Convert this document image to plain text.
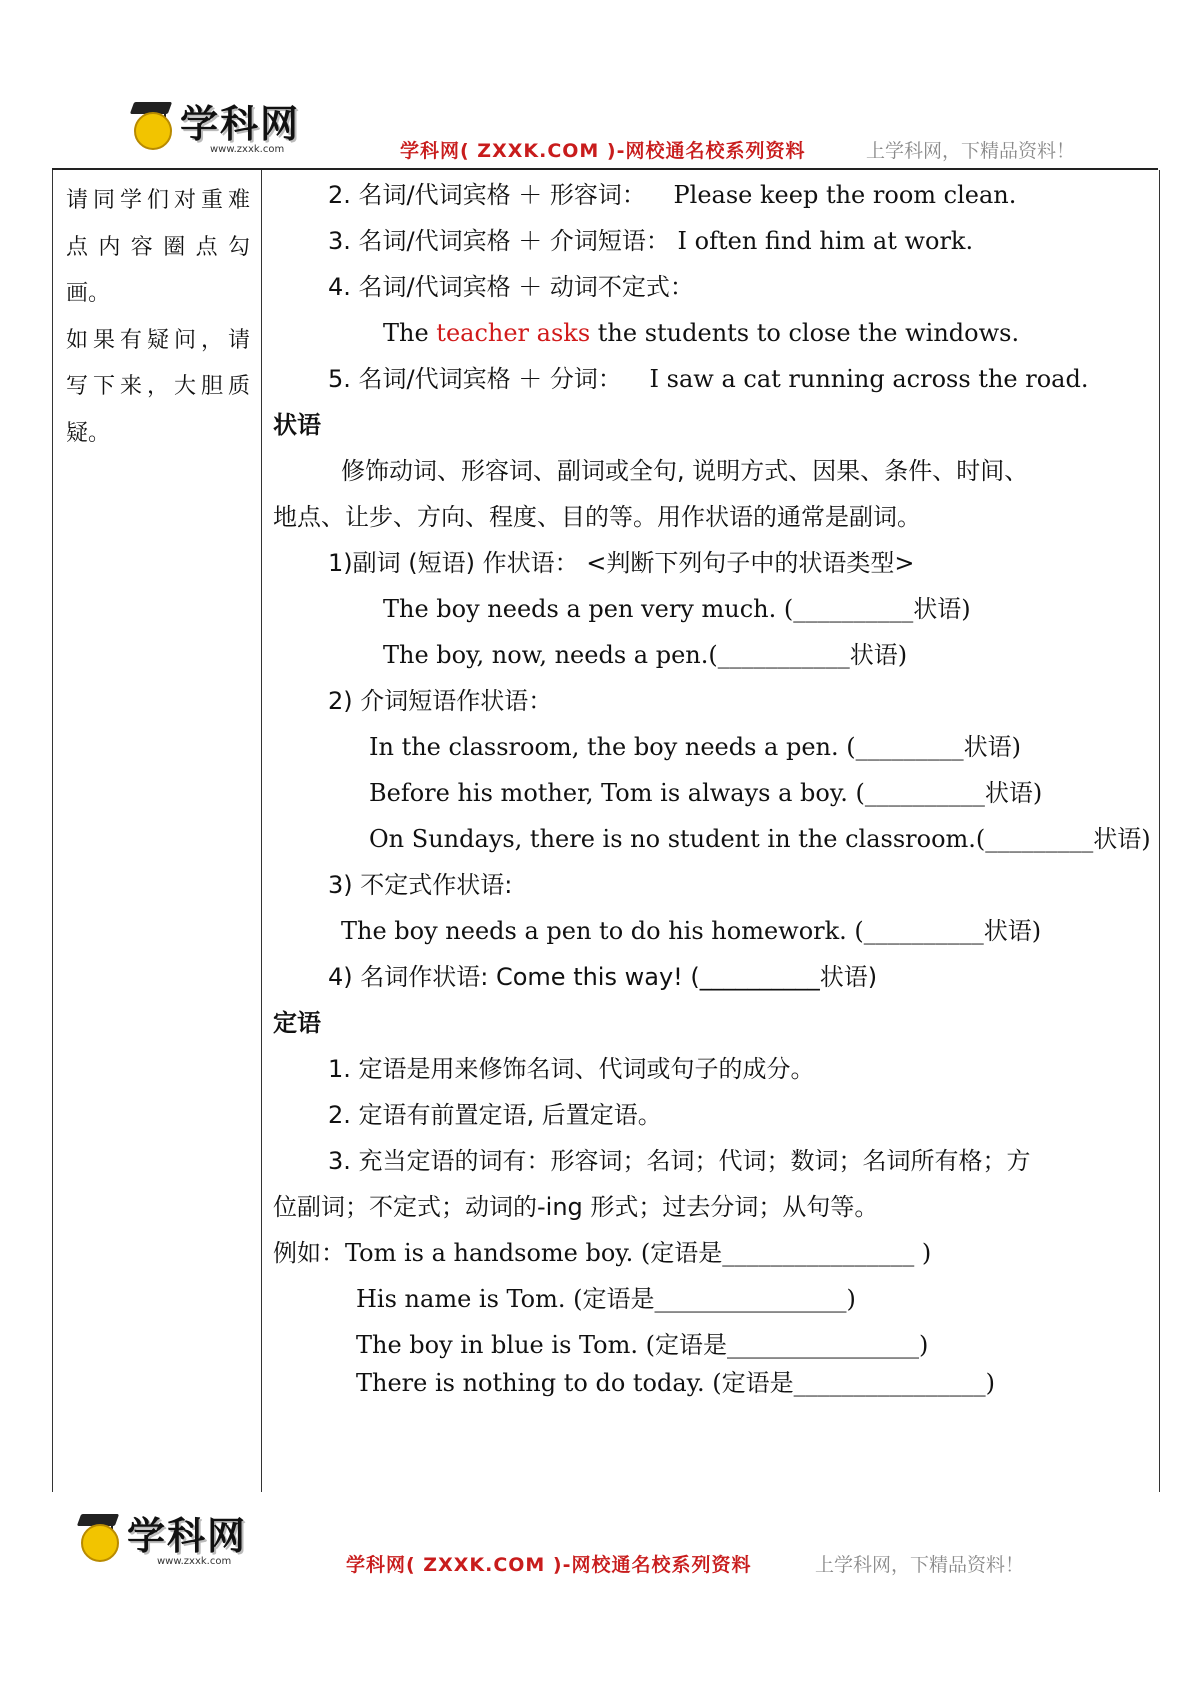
学科网
www.zxxk.com	学科网( ZXXK.COM )-网校通名校系列资料	上学科网，下精品资料！

请同学们对重难

点内容圈点勾

画。

如果有疑问，请

写下来，大胆质

疑。

2. 名词/代词宾格 ＋ 形容词： Please keep the room clean.
3. 名词/代词宾格 ＋ 介词短语： I often find him at work.
4. 名词/代词宾格 ＋ 动词不定式：
The teacher asks the students to close the windows.
5. 名词/代词宾格 ＋ 分词： I saw a cat running across the road.
状语
修饰动词、形容词、副词或全句, 说明方式、因果、条件、时间、
地点、让步、方向、程度、目的等。用作状语的通常是副词。
1)副词 (短语) 作状语： <判断下列句子中的状语类型>
The boy needs a pen very much. (__________状语)
The boy, now, needs a pen.(___________状语)
2) 介词短语作状语：
In the classroom, the boy needs a pen. (_________状语)
Before his mother, Tom is always a boy. (__________状语)
On Sundays, there is no student in the classroom.(_________状语)
3) 不定式作状语:
The boy needs a pen to do his homework. (__________状语)
4) 名词作状语: Come this way! (__________状语)
定语
1. 定语是用来修饰名词、代词或句子的成分。
2. 定语有前置定语, 后置定语。
3. 充当定语的词有：形容词；名词；代词；数词；名词所有格；方
位副词；不定式；动词的-ing 形式；过去分词；从句等。
例如：Tom is a handsome boy. (定语是________________ )
His name is Tom. (定语是________________)
The boy in blue is Tom. (定语是________________)
There is nothing to do today. (定语是________________)
学科网
www.zxxk.com	学科网( ZXXK.COM )-网校通名校系列资料	上学科网，下精品资料！
